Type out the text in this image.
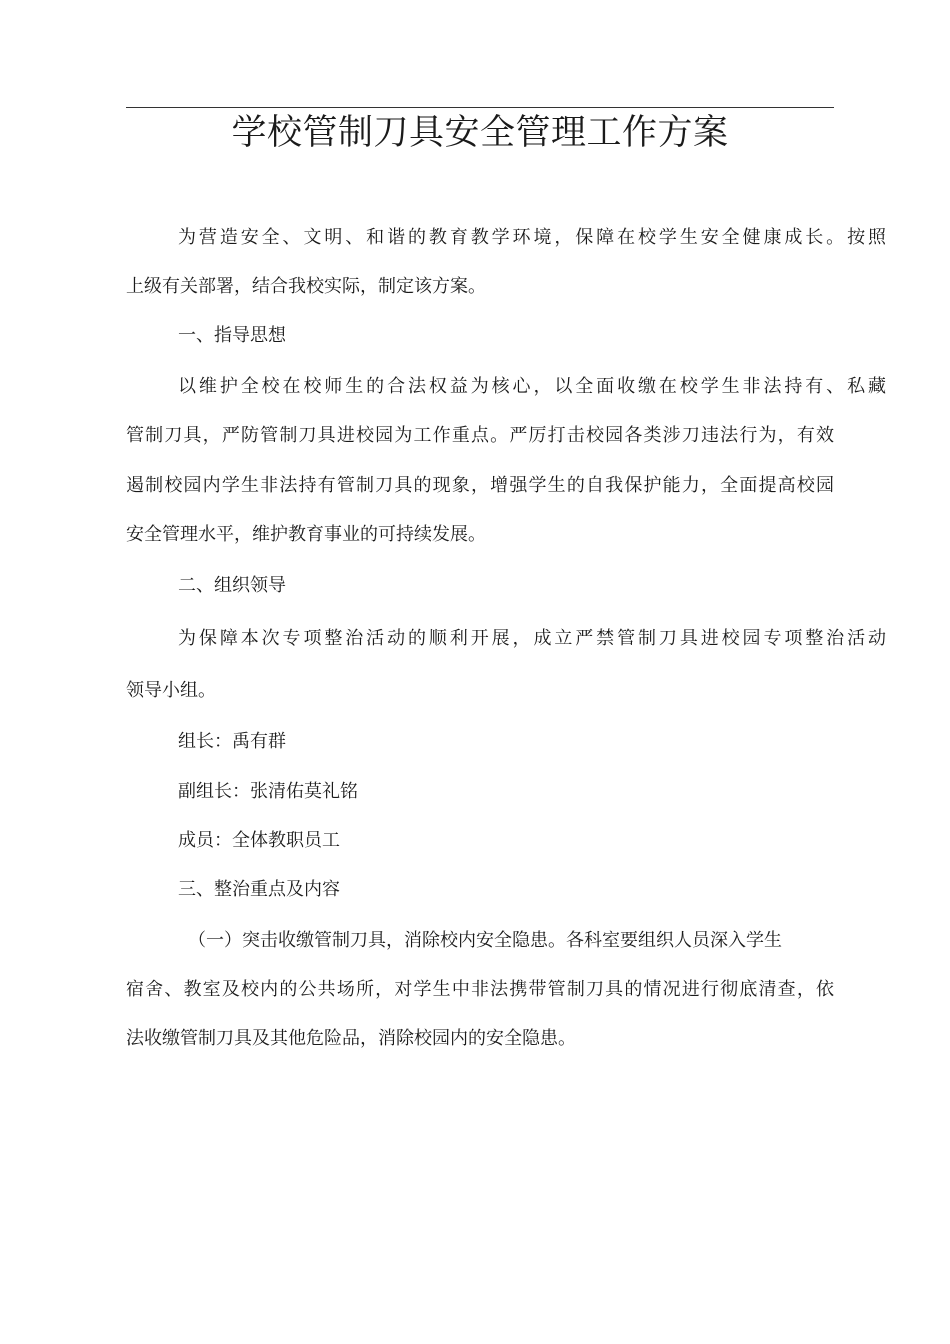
学校管制刀具安全管理工作方案

为营造安全、文明、和谐的教育教学环境，保障在校学生安全健康成长。按照

上级有关部署，结合我校实际，制定该方案。

一、指导思想

以维护全校在校师生的合法权益为核心，以全面收缴在校学生非法持有、私藏

管制刀具，严防管制刀具进校园为工作重点。严厉打击校园各类涉刀违法行为，有效

遏制校园内学生非法持有管制刀具的现象，增强学生的自我保护能力，全面提高校园

安全管理水平，维护教育事业的可持续发展。

二、组织领导

为保障本次专项整治活动的顺利开展，成立严禁管制刀具进校园专项整治活动

领导小组。

组长：禹有群

副组长：张清佑莫礼铭

成员：全体教职员工

三、整治重点及内容

（一）突击收缴管制刀具，消除校内安全隐患。各科室要组织人员深入学生

宿舍、教室及校内的公共场所，对学生中非法携带管制刀具的情况进行彻底清查，依

法收缴管制刀具及其他危险品，消除校园内的安全隐患。
